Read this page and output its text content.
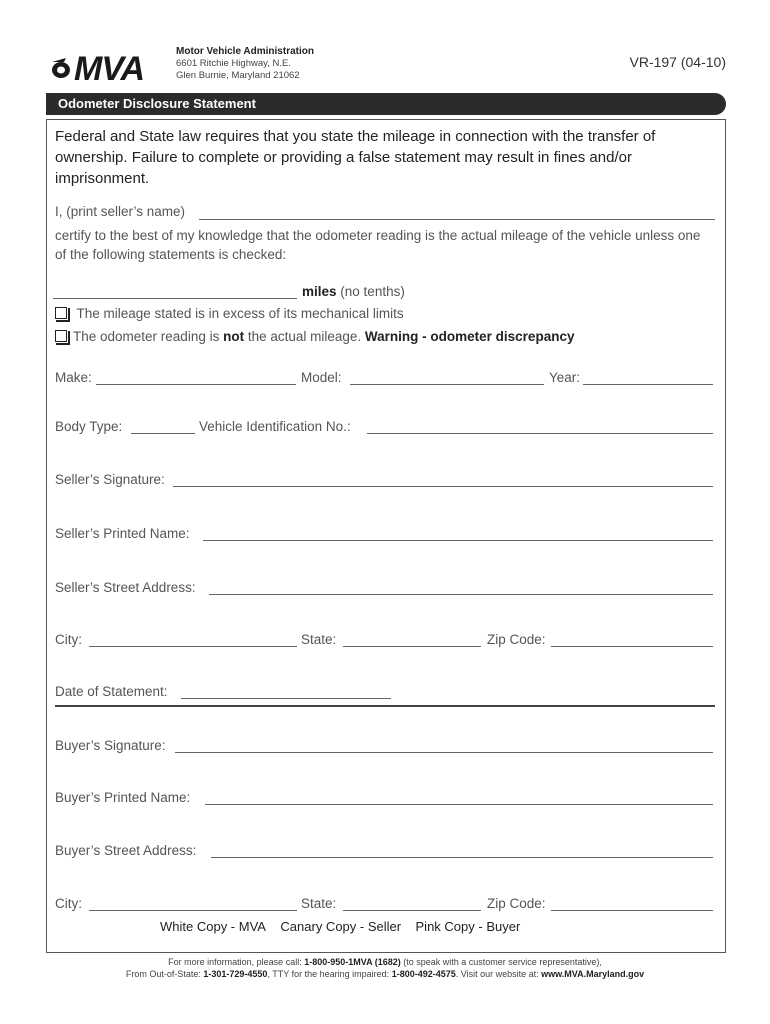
MVA	Motor Vehicle Administration
6601 Ritchie Highway, N.E.
Glen Burnie, Maryland 21062
VR-197 (04-10)
Odometer Disclosure Statement
Federal and State law requires that you state the mileage in connection with the transfer of ownership. Failure to complete or providing a false statement may result in fines and/or imprisonment.
I, (print seller’s name)
certify to the best of my knowledge that the odometer reading is the actual mileage of the vehicle unless one of the following statements is checked:
miles (no tenths)
The mileage stated is in excess of its mechanical limits
The odometer reading is not the actual mileage. Warning - odometer discrepancy
Make:	Model:	Year:
Body Type:	Vehicle Identification No.:
Seller’s Signature:
Seller’s Printed Name:
Seller’s Street Address:
City:	State:	Zip Code:
Date of Statement:
Buyer’s Signature:
Buyer’s Printed Name:
Buyer’s Street Address:
City:	State:	Zip Code:
White Copy - MVA Canary Copy - Seller Pink Copy - Buyer
For more information, please call: 1-800-950-1MVA (1682) (to speak with a customer service representative),
From Out-of-State: 1-301-729-4550, TTY for the hearing impaired: 1-800-492-4575. Visit our website at: www.MVA.Maryland.gov
